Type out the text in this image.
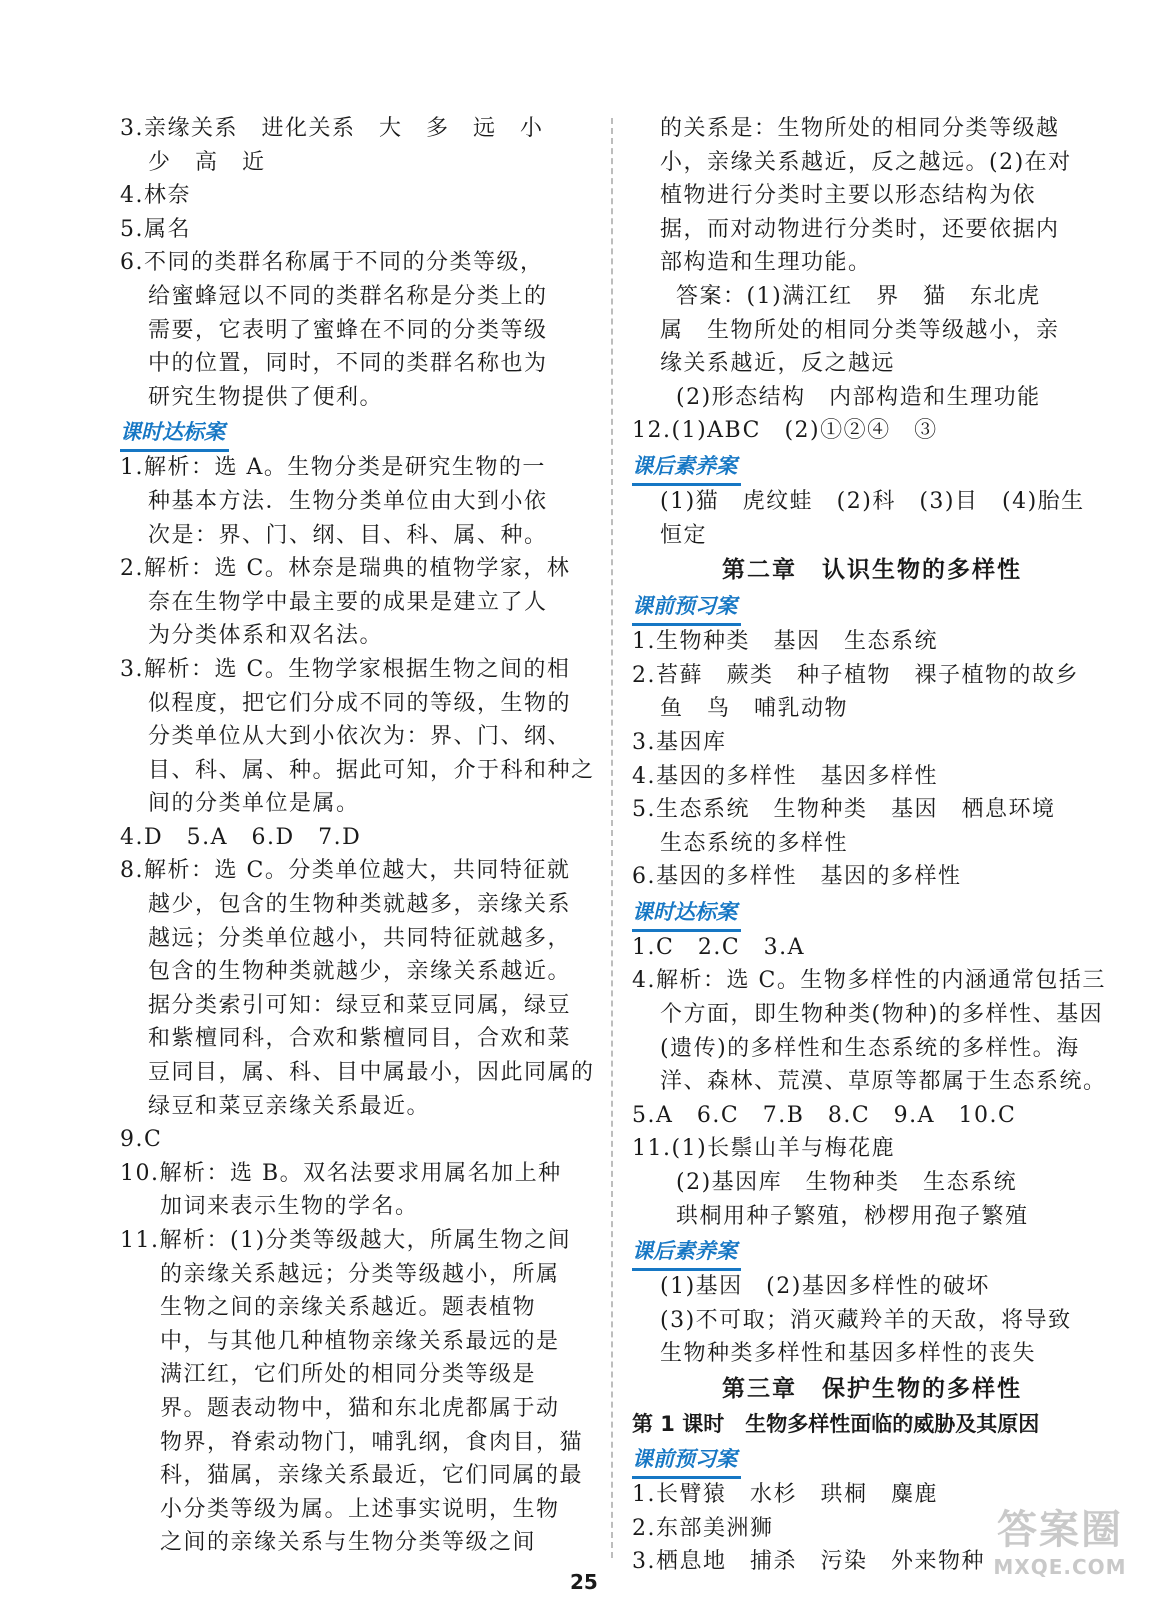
3.亲缘关系　进化关系　大　多　远　小
少　高　近
4.林奈
5.属名
6.不同的类群名称属于不同的分类等级，
给蜜蜂冠以不同的类群名称是分类上的
需要，它表明了蜜蜂在不同的分类等级
中的位置，同时，不同的类群名称也为
研究生物提供了便利。
课时达标案
1.解析：选 A。生物分类是研究生物的一
种基本方法．生物分类单位由大到小依
次是：界、门、纲、目、科、属、种。
2.解析：选 C。林奈是瑞典的植物学家，林
奈在生物学中最主要的成果是建立了人
为分类体系和双名法。
3.解析：选 C。生物学家根据生物之间的相
似程度，把它们分成不同的等级，生物的
分类单位从大到小依次为：界、门、纲、
目、科、属、种。据此可知，介于科和种之
间的分类单位是属。
4.D　5.A　6.D　7.D
8.解析：选 C。分类单位越大，共同特征就
越少，包含的生物种类就越多，亲缘关系
越远；分类单位越小，共同特征就越多，
包含的生物种类就越少，亲缘关系越近。
据分类索引可知：绿豆和菜豆同属，绿豆
和紫檀同科，合欢和紫檀同目，合欢和菜
豆同目，属、科、目中属最小，因此同属的
绿豆和菜豆亲缘关系最近。
9.C
10.解析：选 B。双名法要求用属名加上种
加词来表示生物的学名。
11.解析：(1)分类等级越大，所属生物之间
的亲缘关系越远；分类等级越小，所属
生物之间的亲缘关系越近。题表植物
中，与其他几种植物亲缘关系最远的是
满江红，它们所处的相同分类等级是
界。题表动物中，猫和东北虎都属于动
物界，脊索动物门，哺乳纲，食肉目，猫
科，猫属，亲缘关系最近，它们同属的最
小分类等级为属。上述事实说明，生物
之间的亲缘关系与生物分类等级之间
的关系是：生物所处的相同分类等级越
小，亲缘关系越近，反之越远。(2)在对
植物进行分类时主要以形态结构为依
据，而对动物进行分类时，还要依据内
部构造和生理功能。
答案：(1)满江红　界　猫　东北虎
属　生物所处的相同分类等级越小，亲
缘关系越近，反之越远
(2)形态结构　内部构造和生理功能
12.(1)ABC　(2)①②④　③
课后素养案
(1)猫　虎纹蛙　(2)科　(3)目　(4)胎生
恒定
第二章　认识生物的多样性
课前预习案
1.生物种类　基因　生态系统
2.苔藓　蕨类　种子植物　裸子植物的故乡
鱼　鸟　哺乳动物
3.基因库
4.基因的多样性　基因多样性
5.生态系统　生物种类　基因　栖息环境
生态系统的多样性
6.基因的多样性　基因的多样性
课时达标案
1.C　2.C　3.A
4.解析：选 C。生物多样性的内涵通常包括三
个方面，即生物种类(物种)的多样性、基因
(遗传)的多样性和生态系统的多样性。海
洋、森林、荒漠、草原等都属于生态系统。
5.A　6.C　7.B　8.C　9.A　10.C
11.(1)长鬃山羊与梅花鹿
(2)基因库　生物种类　生态系统
珙桐用种子繁殖，桫椤用孢子繁殖
课后素养案
(1)基因　(2)基因多样性的破坏
(3)不可取；消灭藏羚羊的天敌，将导致
生物种类多样性和基因多样性的丧失
第三章　保护生物的多样性
第 1 课时　生物多样性面临的威胁及其原因
课前预习案
1.长臂猿　水杉　珙桐　麋鹿
2.东部美洲狮
3.栖息地　捕杀　污染　外来物种
25
答案圈
MXQE.COM
